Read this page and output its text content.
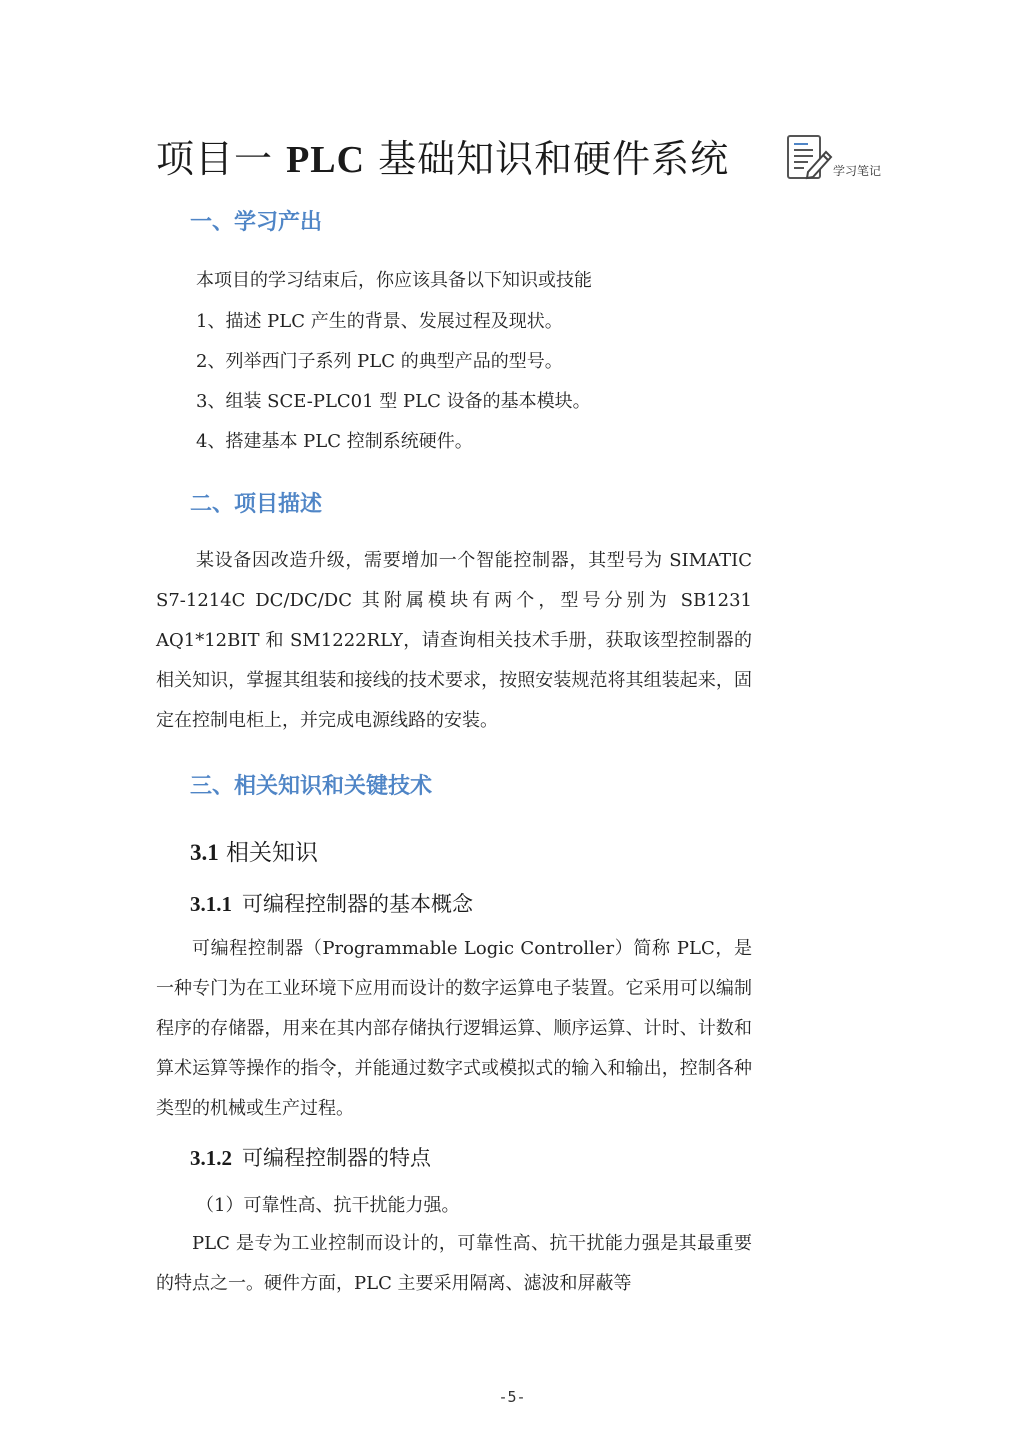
项目一 PLC 基础知识和硬件系统	学习笔记
一、学习产出
本项目的学习结束后，你应该具备以下知识或技能
1、描述 PLC 产生的背景、发展过程及现状。
2、列举西门子系列 PLC 的典型产品的型号。
3、组装 SCE-PLC01 型 PLC 设备的基本模块。
4、搭建基本 PLC 控制系统硬件。
二、项目描述
某设备因改造升级，需要增加一个智能控制器，其型号为 SIMATIC S7-1214C DC/DC/DC 其附属模块有两个，型号分别为 SB1231 AQ1*12BIT 和 SM1222RLY，请查询相关技术手册，获取该型控制器的相关知识，掌握其组装和接线的技术要求，按照安装规范将其组装起来，固定在控制电柜上，并完成电源线路的安装。
三、相关知识和关键技术
3.1 相关知识
3.1.1 可编程控制器的基本概念
可编程控制器（Programmable Logic Controller）简称 PLC，是一种专门为在工业环境下应用而设计的数字运算电子装置。它采用可以编制程序的存储器，用来在其内部存储执行逻辑运算、顺序运算、计时、计数和算术运算等操作的指令，并能通过数字式或模拟式的输入和输出，控制各种类型的机械或生产过程。
3.1.2 可编程控制器的特点
（1）可靠性高、抗干扰能力强。
PLC 是专为工业控制而设计的，可靠性高、抗干扰能力强是其最重要的特点之一。硬件方面，PLC 主要采用隔离、滤波和屏蔽等
-5-
